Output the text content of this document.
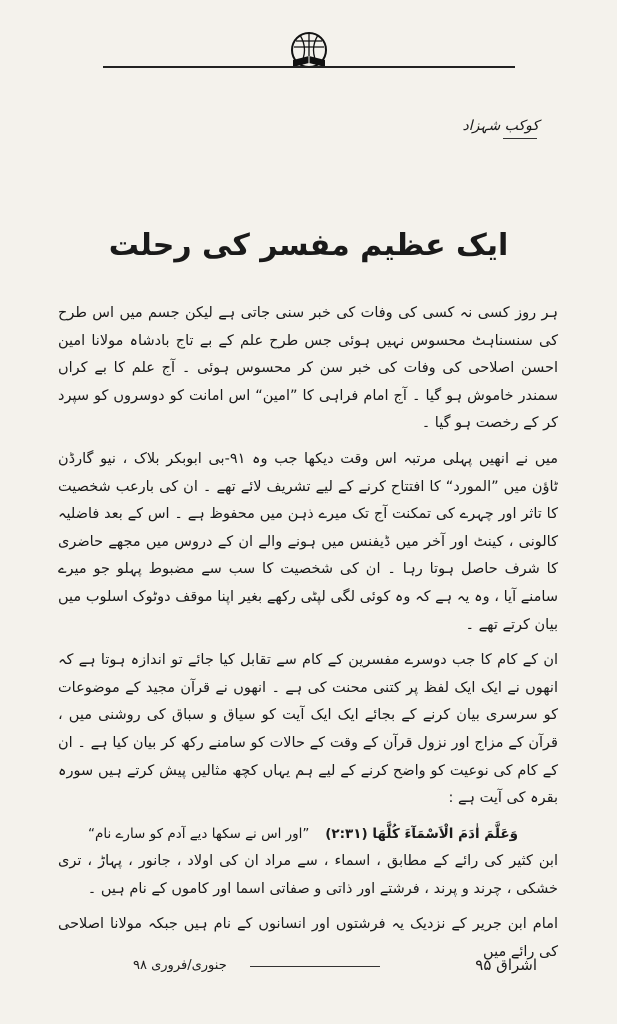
کوکب شہزاد
ایک عظیم مفسر کی رحلت

ہر روز کسی نہ کسی کی وفات کی خبر سنی جاتی ہے لیکن جسم میں اس طرح کی سنسناہٹ محسوس نہیں ہوئی جس طرح علم کے بے تاج بادشاہ مولانا امین احسن اصلاحی کی وفات کی خبر سن کر محسوس ہوئی ۔ آج علم کا بے کراں سمندر خاموش ہو گیا ۔ آج امام فراہی کا ”امین“ اس امانت کو دوسروں کو سپرد کر کے رخصت ہو گیا ۔

میں نے انھیں پہلی مرتبہ اس وقت دیکھا جب وہ ۹۱-بی ابوبکر بلاک ، نیو گارڈن ٹاؤن میں ”المورد“ کا افتتاح کرنے کے لیے تشریف لائے تھے ۔ ان کی بارعب شخصیت کا تاثر اور چہرے کی تمکنت آج تک میرے ذہن میں محفوظ ہے ۔ اس کے بعد فاضلیہ کالونی ، کینٹ اور آخر میں ڈیفنس میں ہونے والے ان کے دروس میں مجھے حاضری کا شرف حاصل ہوتا رہا ۔ ان کی شخصیت کا سب سے مضبوط پہلو جو میرے سامنے آیا ، وہ یہ ہے کہ وہ کوئی لگی لپٹی رکھے بغیر اپنا موقف دوٹوک اسلوب میں بیان کرتے تھے ۔

ان کے کام کا جب دوسرے مفسرین کے کام سے تقابل کیا جائے تو اندازہ ہوتا ہے کہ انھوں نے ایک ایک لفظ پر کتنی محنت کی ہے ۔ انھوں نے قرآن مجید کے موضوعات کو سرسری بیان کرنے کے بجائے ایک ایک آیت کو سیاق و سباق کی روشنی میں ، قرآن کے مزاج اور نزول قرآن کے وقت کے حالات کو سامنے رکھ کر بیان کیا ہے ۔ ان کے کام کی نوعیت کو واضح کرنے کے لیے ہم یہاں کچھ مثالیں پیش کرتے ہیں سورہ بقرہ کی آیت ہے :

وَعَلَّمَ اٰدَمَ الْاَسْمَآءَ کُلَّهَا (۲:۳۱)
”اور اس نے سکھا دیے آدم کو سارے نام“

ابن کثیر کی رائے کے مطابق ، اسماء ، سے مراد ان کی اولاد ، جانور ، پہاڑ ، تری خشکی ، چرند و پرند ، فرشتے اور ذاتی و صفاتی اسما اور کاموں کے نام ہیں ۔

امام ابن جریر کے نزدیک یہ فرشتوں اور انسانوں کے نام ہیں جبکہ مولانا اصلاحی کی رائے میں

اشراق ۹۵
جنوری/فروری ۹۸
